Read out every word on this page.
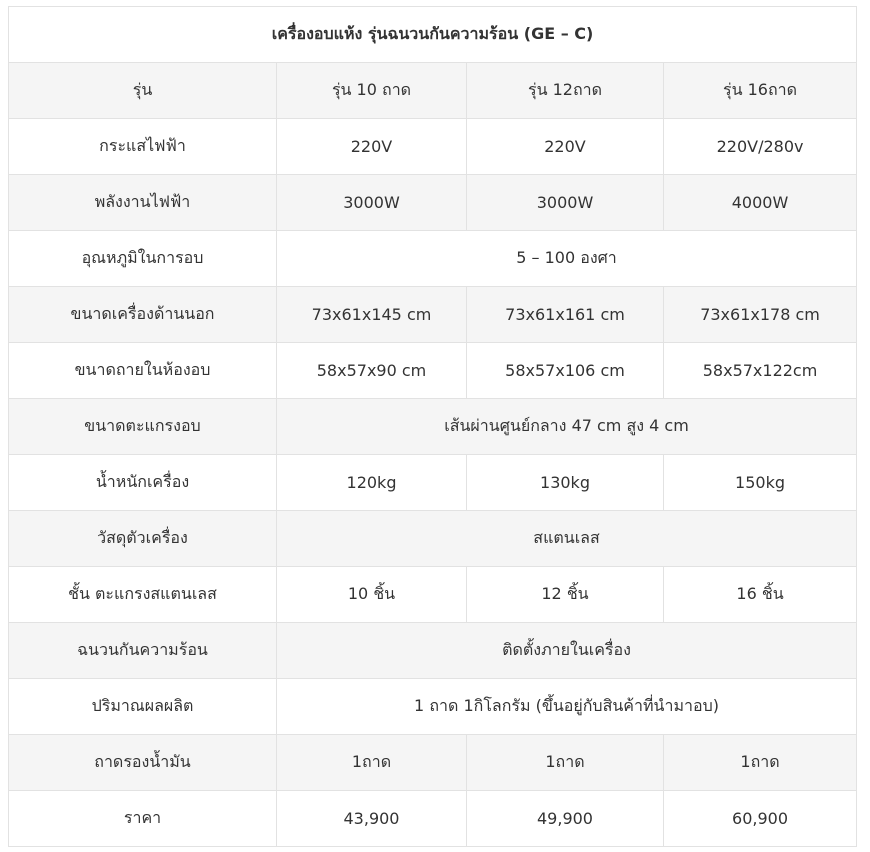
เครื่องอบแห้ง รุ่นฉนวนกันความร้อน (GE – C)			
รุ่น	รุ่น 10 ถาด	รุ่น 12ถาด	รุ่น 16ถาด
กระแสไฟฟ้า	220V	220V	220V/280v
พลังงานไฟฟ้า	3000W	3000W	4000W
อุณหภูมิในการอบ	5 – 100 องศา		
ขนาดเครื่องด้านนอก	73x61x145 cm	73x61x161 cm	73x61x178 cm
ขนาดถายในห้องอบ	58x57x90 cm	58x57x106 cm	58x57x122cm
ขนาดตะแกรงอบ	เส้นผ่านศูนย์กลาง 47 cm สูง 4 cm		
น้ำหนักเครื่อง	120kg	130kg	150kg
วัสดุตัวเครื่อง	สแตนเลส		
ชั้น ตะแกรงสแตนเลส	10 ชิ้น	12 ชิ้น	16 ชิ้น
ฉนวนกันความร้อน	ติดตั้งภายในเครื่อง		
ปริมาณผลผลิต	1 ถาด 1กิโลกรัม (ขึ้นอยู่กับสินค้าที่นำมาอบ)		
ถาดรองน้ำมัน	1ถาด	1ถาด	1ถาด
ราคา	43,900	49,900	60,900
